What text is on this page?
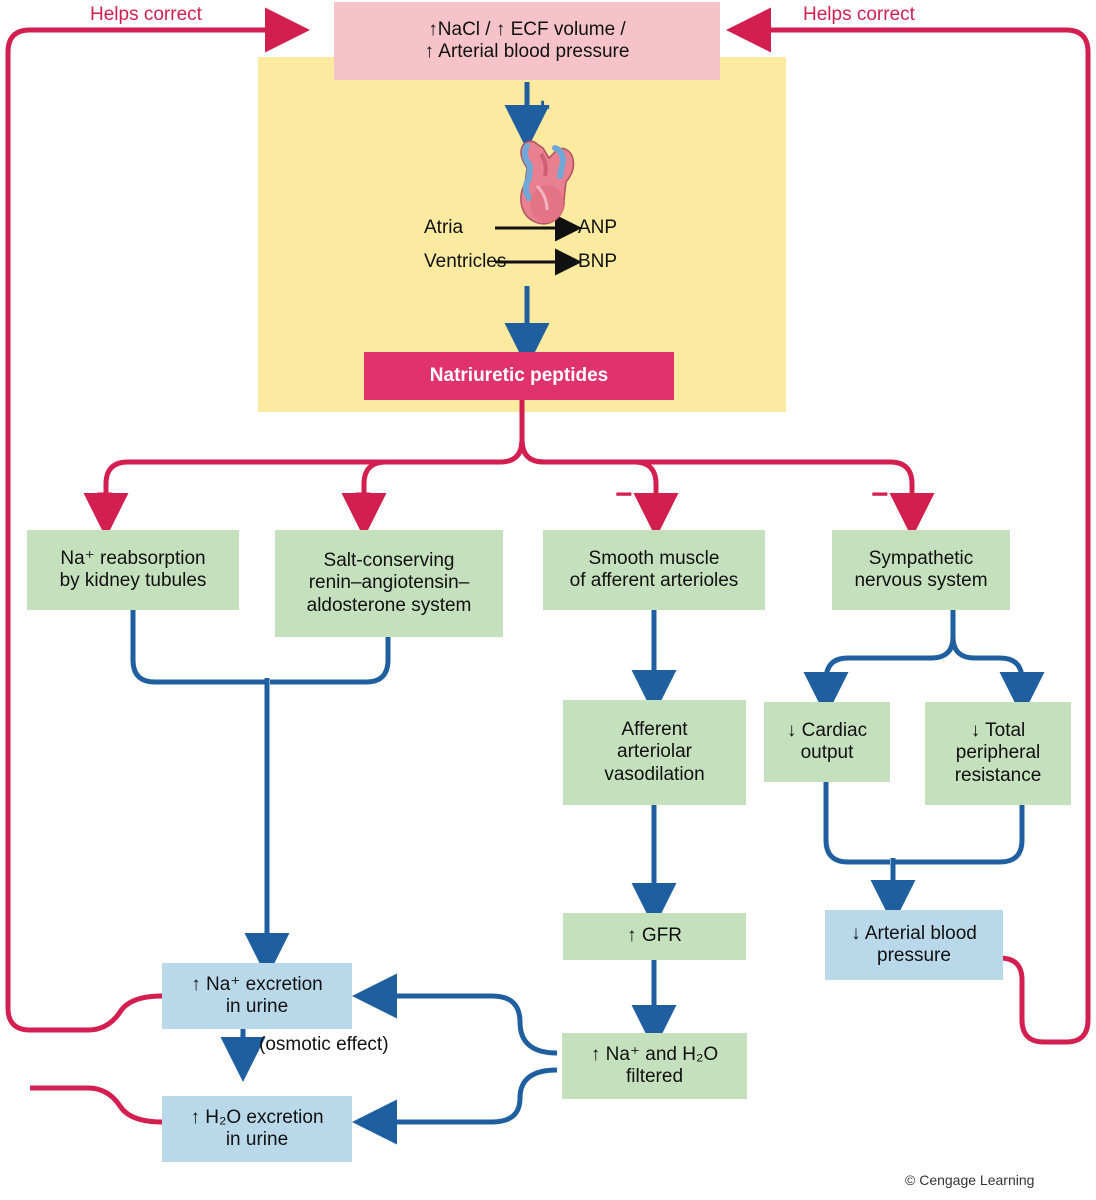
Helps correct	Helps correct
↑NaCl / ↑ ECF volume /
↑ Arterial blood pressure
+
Atria
Ventricles
ANP
BNP
Natriuretic peptides
−	−	−	−
Na⁺ reabsorption
by kidney tubules
Salt-conserving
renin–angiotensin–
aldosterone system
Smooth muscle
of afferent arterioles
Sympathetic
nervous system
Afferent
arteriolar
vasodilation
↓ Cardiac
output
↓ Total
peripheral
resistance
↑ GFR	↓ Arterial blood
pressure
↑ Na⁺ excretion
in urine
↑ H₂O excretion
in urine
↑ Na⁺ and H₂O
filtered
(osmotic effect)
© Cengage Learning
